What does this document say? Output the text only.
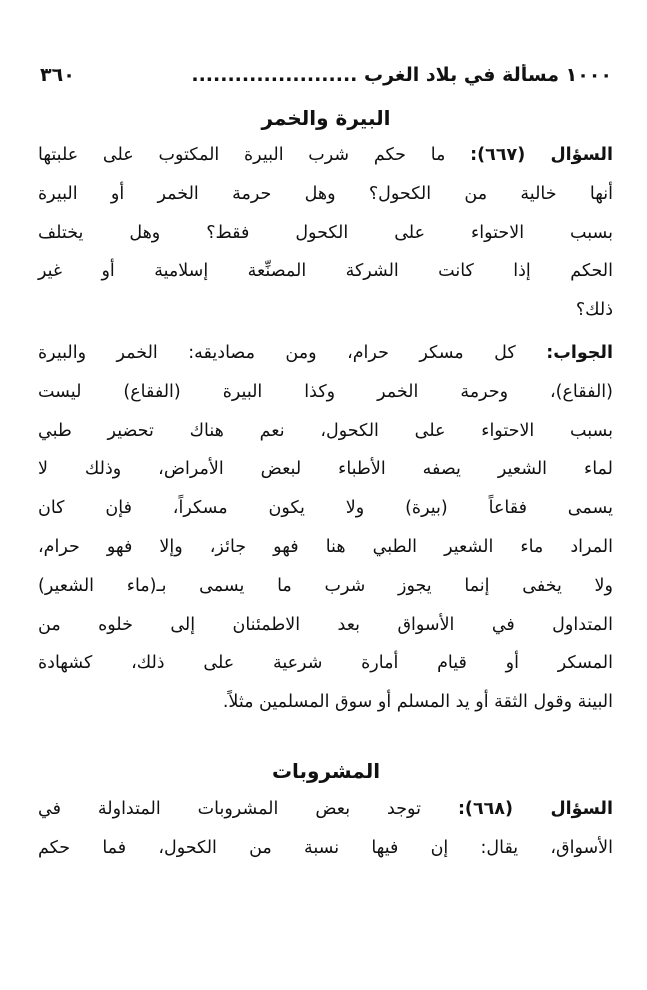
٣٦٠	١٠٠٠ مسألة في بلاد الغرب .......................
البيرة والخمر
السؤال (٦٦٧): ما حكم شرب البيرة المكتوب على علبتها
أنها خالية من الكحول؟ وهل حرمة الخمر أو البيرة
بسبب الاحتواء على الكحول فقط؟ وهل يختلف
الحكم إذا كانت الشركة المصنِّعة إسلامية أو غير
ذلك؟
الجواب: كل مسكر حرام، ومن مصاديقه: الخمر والبيرة
(الفقاع)، وحرمة الخمر وكذا البيرة (الفقاع) ليست
بسبب الاحتواء على الكحول، نعم هناك تحضير طبي
لماء الشعير يصفه الأطباء لبعض الأمراض، وذلك لا
يسمى فقاعاً (بيرة) ولا يكون مسكراً، فإن كان
المراد ماء الشعير الطبي هنا فهو جائز، وإلا فهو حرام،
ولا يخفى إنما يجوز شرب ما يسمى بـ(ماء الشعير)
المتداول في الأسواق بعد الاطمئنان إلى خلوه من
المسكر أو قيام أمارة شرعية على ذلك، كشهادة
البينة وقول الثقة أو يد المسلم أو سوق المسلمين مثلاً.
المشروبات
السؤال (٦٦٨): توجد بعض المشروبات المتداولة في
الأسواق، يقال: إن فيها نسبة من الكحول، فما حكم
